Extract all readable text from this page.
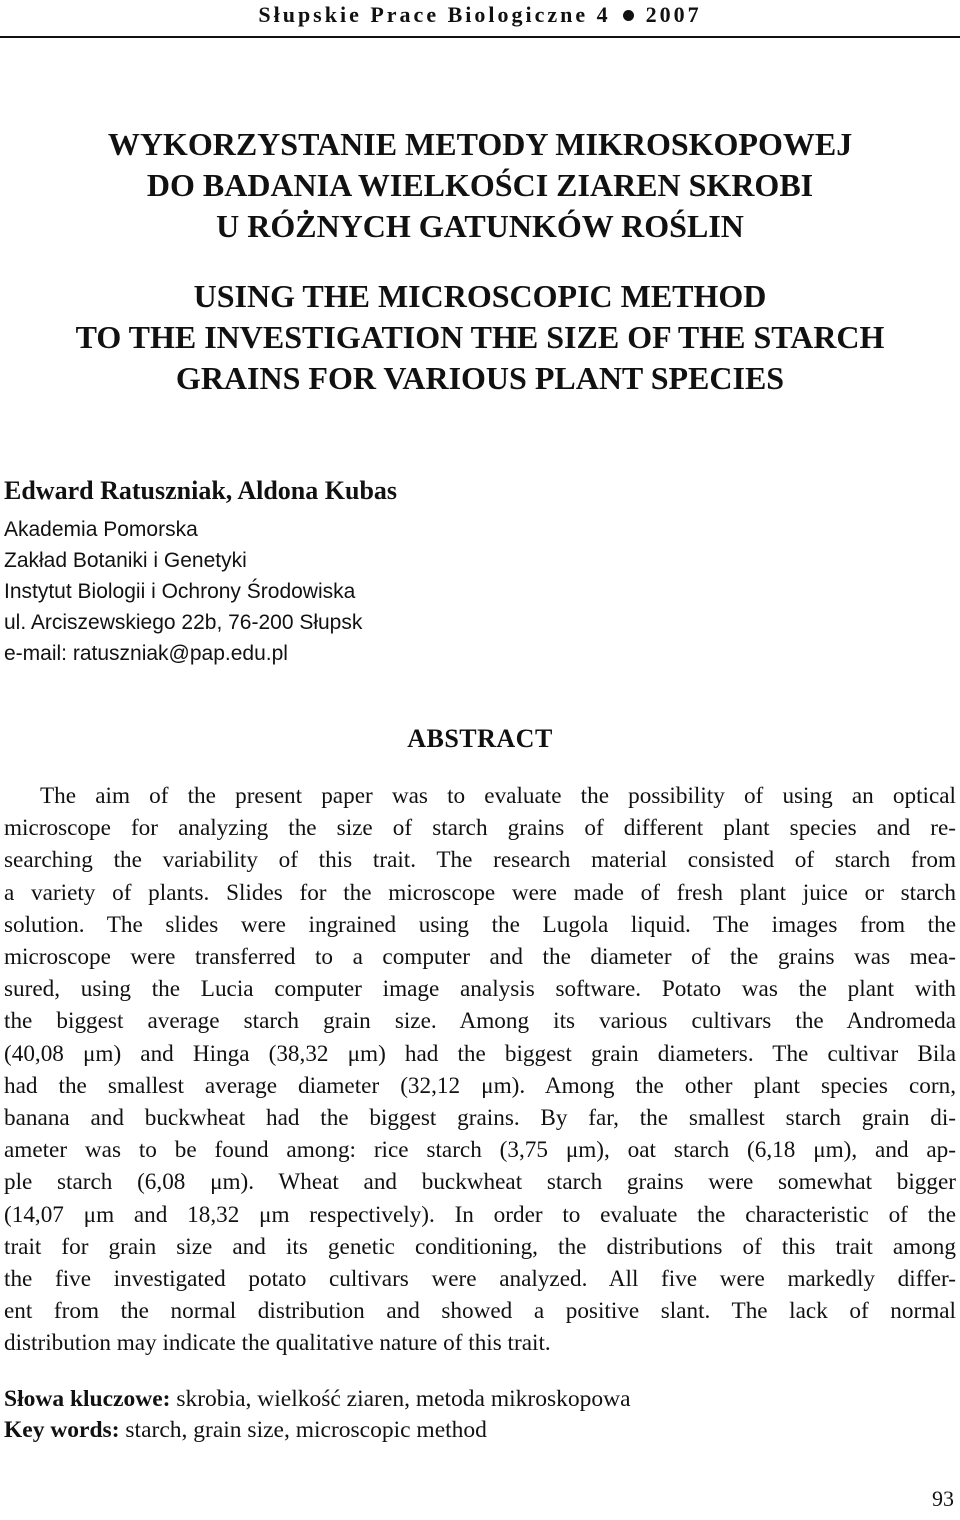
Słupskie Prace Biologiczne 4 2007
WYKORZYSTANIE METODY MIKROSKOPOWEJ
DO BADANIA WIELKOŚCI ZIAREN SKROBI
U RÓŻNYCH GATUNKÓW ROŚLIN
USING THE MICROSCOPIC METHOD
TO THE INVESTIGATION THE SIZE OF THE STARCH
GRAINS FOR VARIOUS PLANT SPECIES
Edward Ratuszniak, Aldona Kubas
Akademia Pomorska
Zakład Botaniki i Genetyki
Instytut Biologii i Ochrony Środowiska
ul. Arciszewskiego 22b, 76-200 Słupsk
e-mail: ratuszniak@pap.edu.pl
ABSTRACT
The aim of the present paper was to evaluate the possibility of using an optical
microscope for analyzing the size of starch grains of different plant species and re-
searching the variability of this trait. The research material consisted of starch from
a variety of plants. Slides for the microscope were made of fresh plant juice or starch
solution. The slides were ingrained using the Lugola liquid. The images from the
microscope were transferred to a computer and the diameter of the grains was mea-
sured, using the Lucia computer image analysis software. Potato was the plant with
the biggest average starch grain size. Among its various cultivars the Andromeda
(40,08 μm) and Hinga (38,32 μm) had the biggest grain diameters. The cultivar Bila
had the smallest average diameter (32,12 μm). Among the other plant species corn,
banana and buckwheat had the biggest grains. By far, the smallest starch grain di-
ameter was to be found among: rice starch (3,75 μm), oat starch (6,18 μm), and ap-
ple starch (6,08 μm). Wheat and buckwheat starch grains were somewhat bigger
(14,07 μm and 18,32 μm respectively). In order to evaluate the characteristic of the
trait for grain size and its genetic conditioning, the distributions of this trait among
the five investigated potato cultivars were analyzed. All five were markedly differ-
ent from the normal distribution and showed a positive slant. The lack of normal
distribution may indicate the qualitative nature of this trait.
Słowa kluczowe: skrobia, wielkość ziaren, metoda mikroskopowa
Key words: starch, grain size, microscopic method
93
